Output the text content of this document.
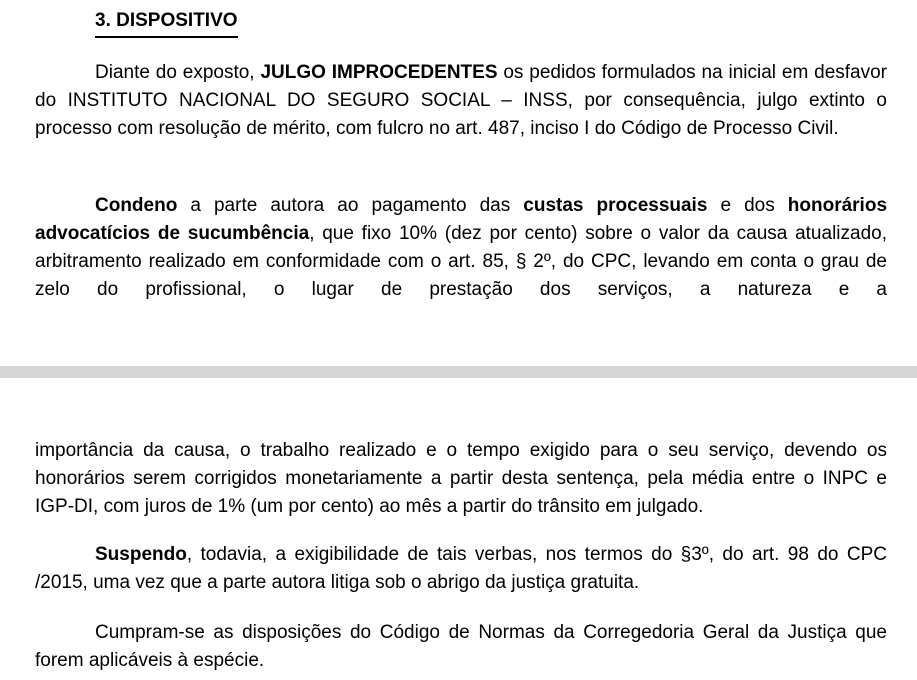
3. DISPOSITIVO

Diante do exposto, JULGO IMPROCEDENTES os pedidos formulados na inicial em desfavor do INSTITUTO NACIONAL DO SEGURO SOCIAL – INSS, por consequência, julgo extinto o processo com resolução de mérito, com fulcro no art. 487, inciso I do Código de Processo Civil.

Condeno a parte autora ao pagamento das custas processuais e dos honorários advocatícios de sucumbência, que fixo 10% (dez por cento) sobre o valor da causa atualizado, arbitramento realizado em conformidade com o art. 85, § 2º, do CPC, levando em conta o grau de zelo do profissional, o lugar de prestação dos serviços, a natureza e a

importância da causa, o trabalho realizado e o tempo exigido para o seu serviço, devendo os honorários serem corrigidos monetariamente a partir desta sentença, pela média entre o INPC e IGP-DI, com juros de 1% (um por cento) ao mês a partir do trânsito em julgado.

Suspendo, todavia, a exigibilidade de tais verbas, nos termos do §3º, do art. 98 do CPC /2015, uma vez que a parte autora litiga sob o abrigo da justiça gratuita.

Cumpram-se as disposições do Código de Normas da Corregedoria Geral da Justiça que forem aplicáveis à espécie.
